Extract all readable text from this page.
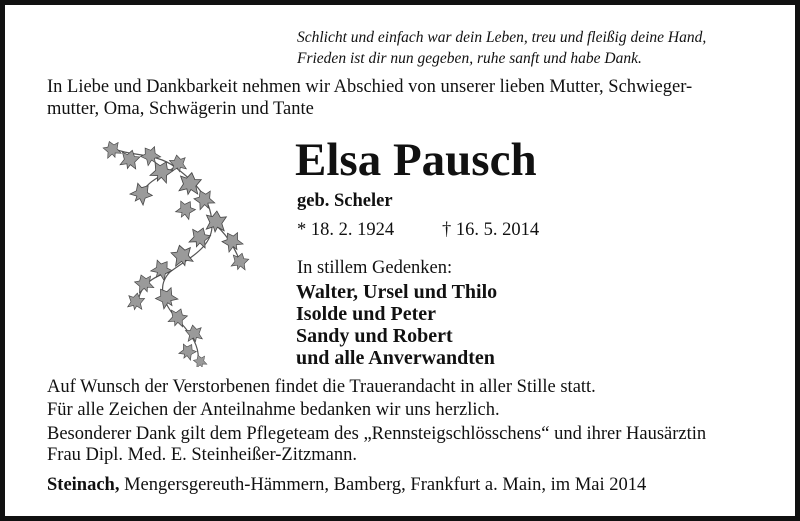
Schlicht und einfach war dein Leben, treu und fleißig deine Hand,
Frieden ist dir nun gegeben, ruhe sanft und habe Dank.
In Liebe und Dankbarkeit nehmen wir Abschied von unserer lieben Mutter, Schwieger-
mutter, Oma, Schwägerin und Tante
Elsa Pausch
geb. Scheler
* 18. 2. 1924	† 16. 5. 2014
In stillem Gedenken:
Walter, Ursel und Thilo
Isolde und Peter
Sandy und Robert
und alle Anverwandten
Auf Wunsch der Verstorbenen findet die Trauerandacht in aller Stille statt.
Für alle Zeichen der Anteilnahme bedanken wir uns herzlich.
Besonderer Dank gilt dem Pflegeteam des „Rennsteigschlösschens“ und ihrer Hausärztin
Frau Dipl. Med. E. Steinheißer-Zitzmann.
Steinach, Mengersgereuth-Hämmern, Bamberg, Frankfurt a. Main, im Mai 2014
